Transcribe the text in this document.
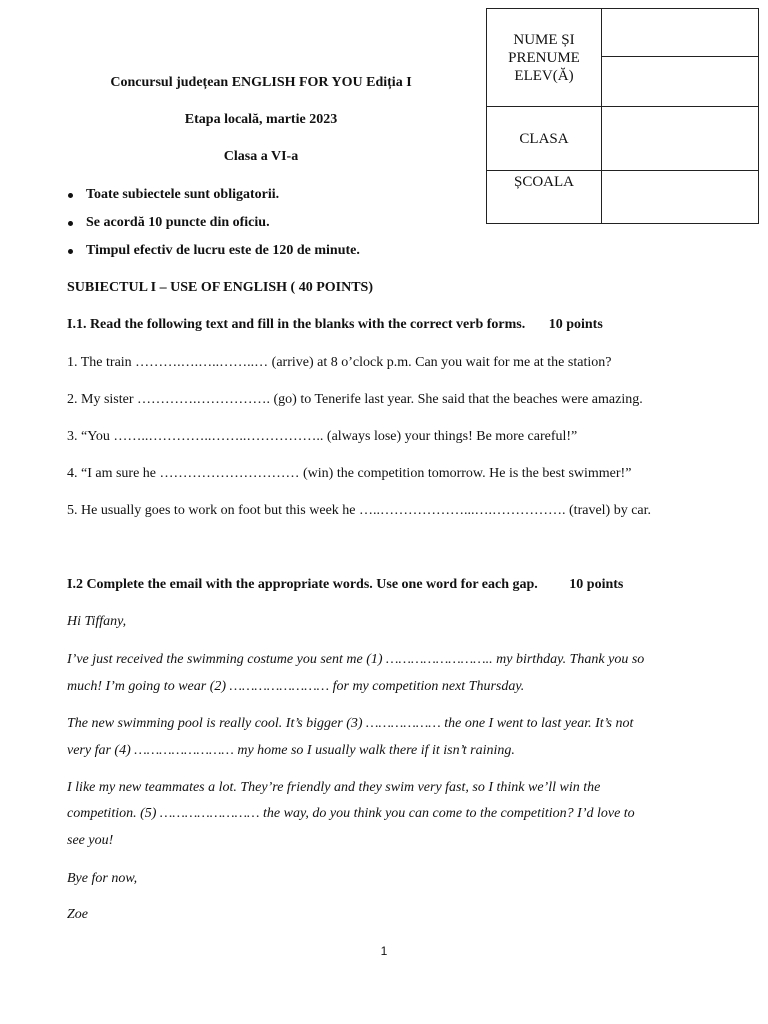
Concursul județean ENGLISH FOR YOU Ediția I
Etapa locală, martie 2023
Clasa a VI-a
Toate subiectele sunt obligatorii.
Se acordă 10 puncte din oficiu.
Timpul efectiv de lucru este de 120 de minute.
NUME ȘI PRENUME ELEV(Ă)	

CLASA	
ȘCOALA	
SUBIECTUL I – USE OF ENGLISH ( 40 POINTS)
I.1. Read the following text and fill in the blanks with the correct verb forms. 10 points
1. The train ……….….…..……..… (arrive) at 8 o’clock p.m. Can you wait for me at the station?
2. My sister ………….……………. (go) to Tenerife last year. She said that the beaches were amazing.
3. “You ……..…………..……..…………….. (always lose) your things! Be more careful!”
4. “I am sure he ………………………… (win) the competition tomorrow. He is the best swimmer!”
5. He usually goes to work on foot but this week he …..………………...….……………. (travel) by car.
I.2 Complete the email with the appropriate words. Use one word for each gap. 10 points
Hi Tiffany,
I’ve just received the swimming costume you sent me (1) …………………….. my birthday. Thank you so
much! I’m going to wear (2) …………………… for my competition next Thursday.
The new swimming pool is really cool. It’s bigger (3) ……………… the one I went to last year. It’s not
very far (4) …………………… my home so I usually walk there if it isn’t raining.
I like my new teammates a lot. They’re friendly and they swim very fast, so I think we’ll win the
competition. (5) …………………… the way, do you think you can come to the competition? I’d love to
see you!
Bye for now,
Zoe
1
